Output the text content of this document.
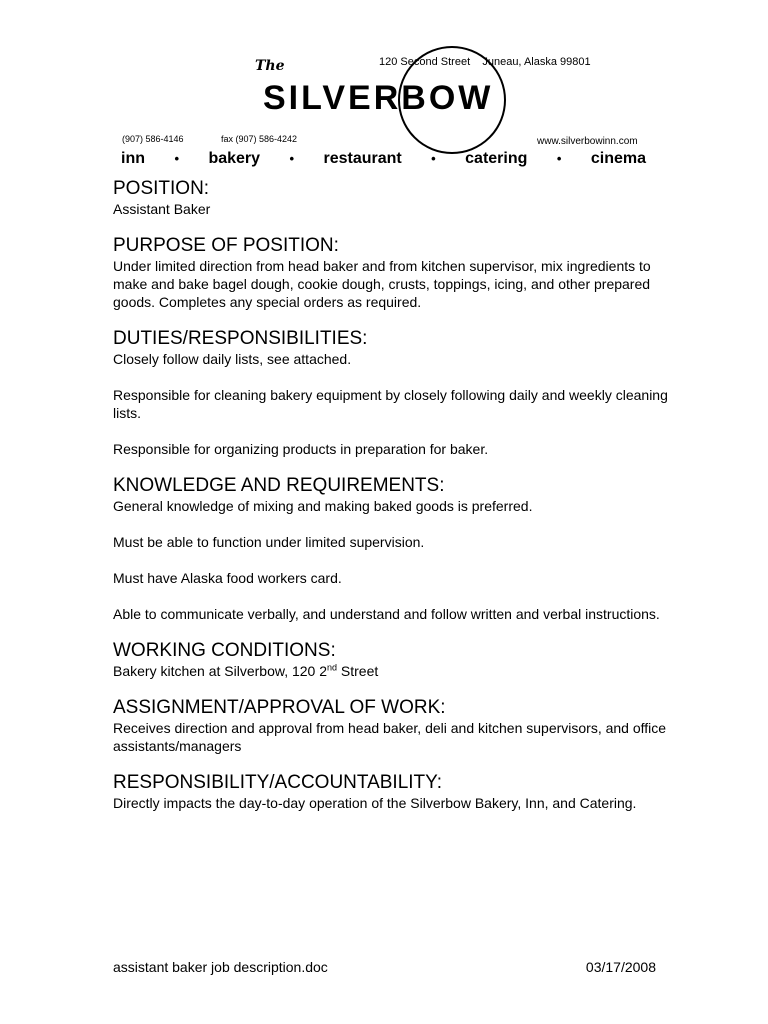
The
SILVERBOW
120 Second Street    Juneau, Alaska 99801
(907) 586-4146	fax (907) 586-4242	www.silverbowinn.com
inn • bakery • restaurant • catering • cinema
POSITION:

Assistant Baker

PURPOSE OF POSITION:

Under limited direction from head baker and from kitchen supervisor, mix ingredients to make and bake bagel dough, cookie dough, crusts, toppings, icing, and other prepared goods. Completes any special orders as required.

DUTIES/RESPONSIBILITIES:

Closely follow daily lists, see attached.

Responsible for cleaning bakery equipment by closely following daily and weekly cleaning lists.

Responsible for organizing products in preparation for baker.

KNOWLEDGE AND REQUIREMENTS:

General knowledge of mixing and making baked goods is preferred.

Must be able to function under limited supervision.

Must have Alaska food workers card.

Able to communicate verbally, and understand and follow written and verbal instructions.

WORKING CONDITIONS:

Bakery kitchen at Silverbow, 120 2nd Street

ASSIGNMENT/APPROVAL OF WORK:

Receives direction and approval from head baker, deli and kitchen supervisors, and office assistants/managers

RESPONSIBILITY/ACCOUNTABILITY:

Directly impacts the day-to-day operation of the Silverbow Bakery, Inn, and Catering.

assistant baker job description.doc	03/17/2008
